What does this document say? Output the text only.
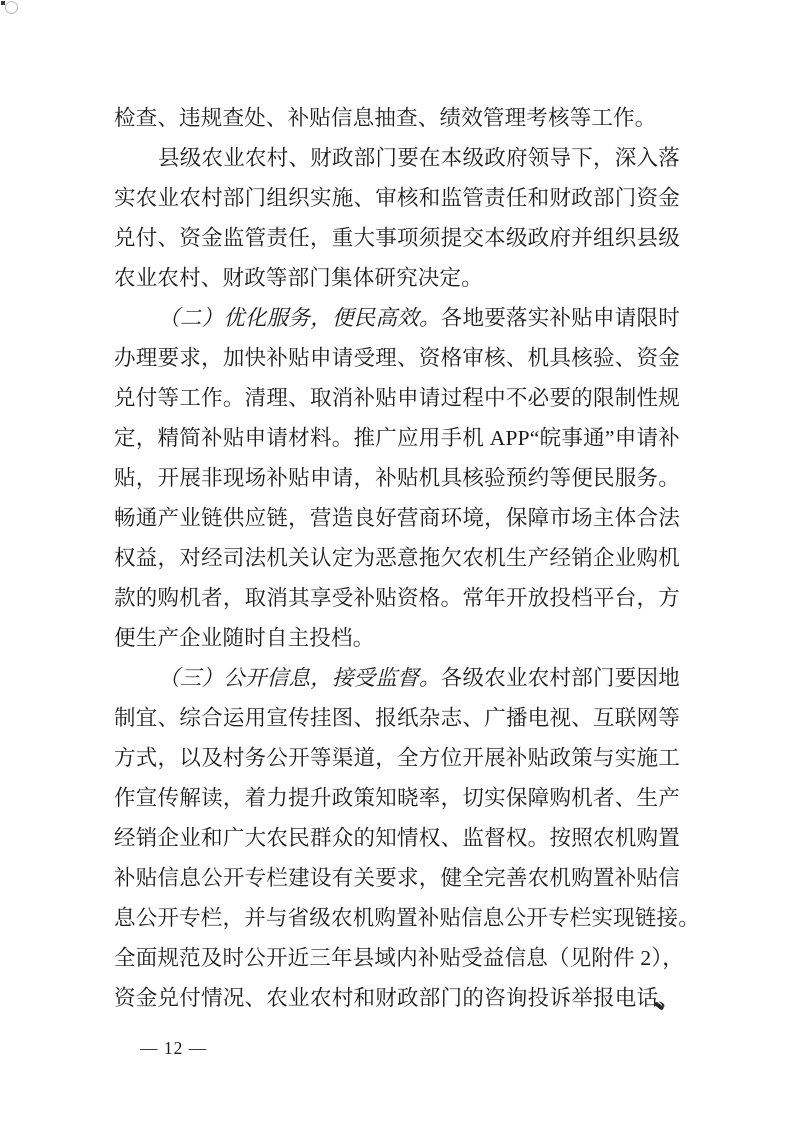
检查、违规查处、补贴信息抽查、绩效管理考核等工作。
县级农业农村、财政部门要在本级政府领导下，深入落
实农业农村部门组织实施、审核和监管责任和财政部门资金
兑付、资金监管责任，重大事项须提交本级政府并组织县级
农业农村、财政等部门集体研究决定。
（二）优化服务，便民高效。各地要落实补贴申请限时
办理要求，加快补贴申请受理、资格审核、机具核验、资金
兑付等工作。清理、取消补贴申请过程中不必要的限制性规
定，精简补贴申请材料。推广应用手机 APP“皖事通”申请补
贴，开展非现场补贴申请，补贴机具核验预约等便民服务。
畅通产业链供应链，营造良好营商环境，保障市场主体合法
权益，对经司法机关认定为恶意拖欠农机生产经销企业购机
款的购机者，取消其享受补贴资格。常年开放投档平台，方
便生产企业随时自主投档。
（三）公开信息，接受监督。各级农业农村部门要因地
制宜、综合运用宣传挂图、报纸杂志、广播电视、互联网等
方式，以及村务公开等渠道，全方位开展补贴政策与实施工
作宣传解读，着力提升政策知晓率，切实保障购机者、生产
经销企业和广大农民群众的知情权、监督权。按照农机购置
补贴信息公开专栏建设有关要求，健全完善农机购置补贴信
息公开专栏，并与省级农机购置补贴信息公开专栏实现链接。
全面规范及时公开近三年县域内补贴受益信息（见附件 2），
资金兑付情况、农业农村和财政部门的咨询投诉举报电话、
— 12 —
